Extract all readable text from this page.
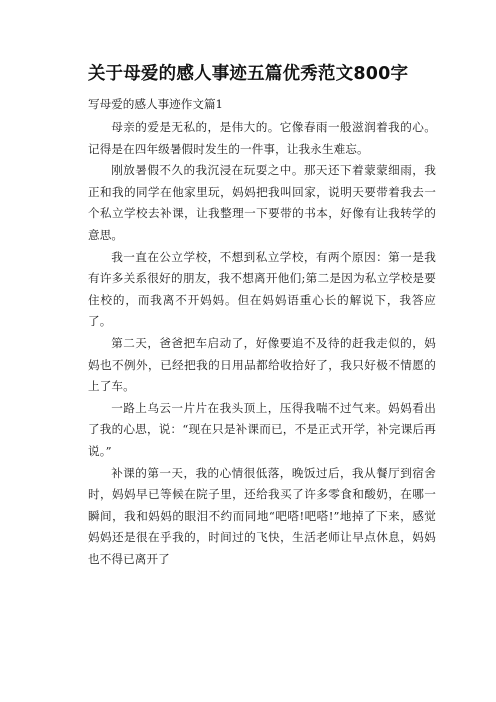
关于母爱的感人事迹五篇优秀范文800字
写母爱的感人事迹作文篇1

母亲的爱是无私的，是伟大的。它像春雨一般滋润着我的心。记得是在四年级暑假时发生的一件事，让我永生难忘。

刚放暑假不久的我沉浸在玩耍之中。那天还下着蒙蒙细雨，我正和我的同学在他家里玩，妈妈把我叫回家，说明天要带着我去一个私立学校去补课，让我整理一下要带的书本，好像有让我转学的意思。

我一直在公立学校，不想到私立学校，有两个原因：第一是我有许多关系很好的朋友，我不想离开他们;第二是因为私立学校是要住校的，而我离不开妈妈。但在妈妈语重心长的解说下，我答应了。

第二天，爸爸把车启动了，好像要追不及待的赶我走似的，妈妈也不例外，已经把我的日用品都给收拾好了，我只好极不情愿的上了车。

一路上乌云一片片在我头顶上，压得我喘不过气来。妈妈看出了我的心思，说：“现在只是补课而已，不是正式开学，补完课后再说。”

补课的第一天，我的心情很低落，晚饭过后，我从餐厅到宿舍时，妈妈早已等候在院子里，还给我买了许多零食和酸奶，在哪一瞬间，我和妈妈的眼泪不约而同地“吧嗒!吧嗒!”地掉了下来，感觉妈妈还是很在乎我的，时间过的飞快，生活老师让早点休息，妈妈也不得已离开了
